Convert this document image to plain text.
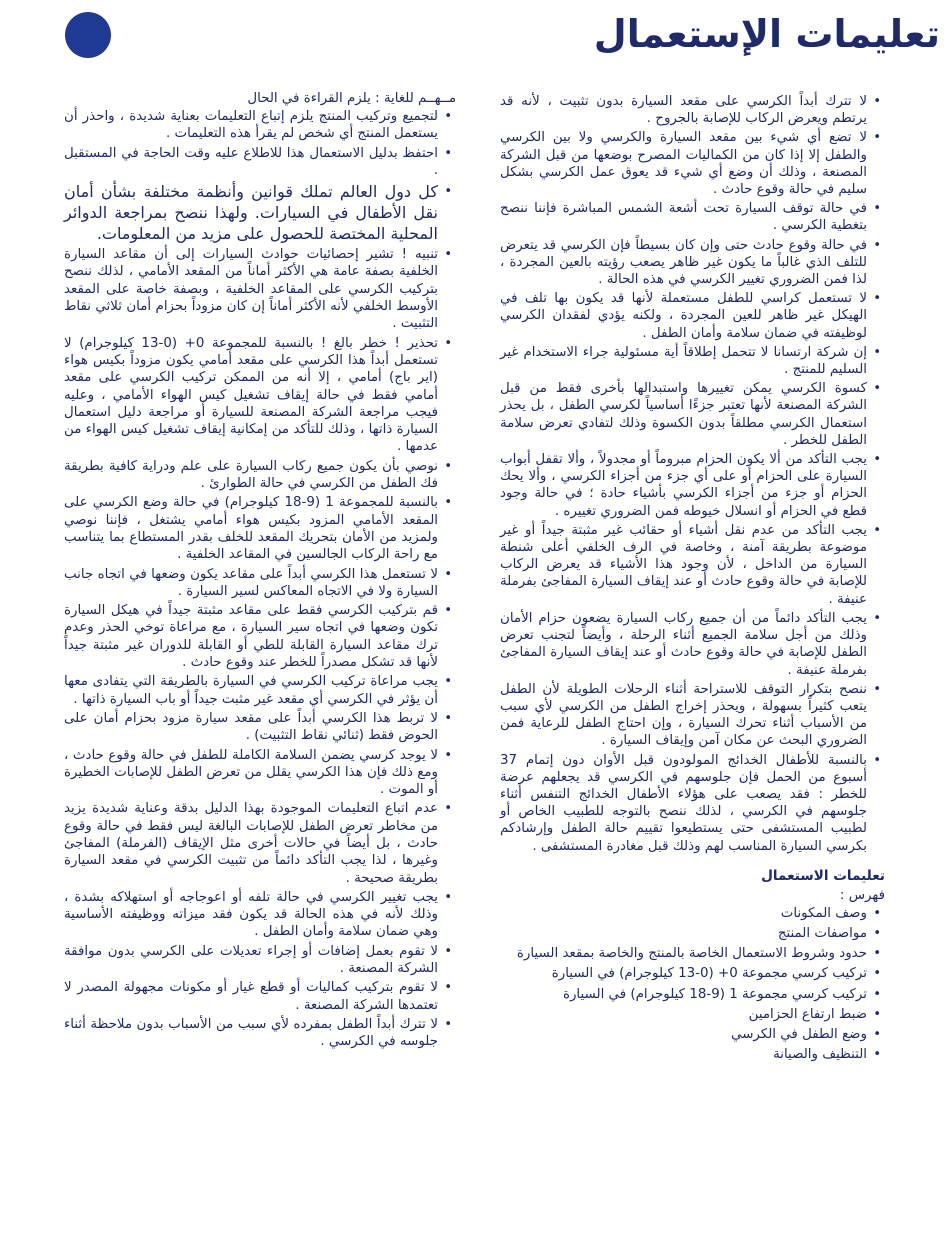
تعليمات الإستعمال

مــهــم للغاية : يلزم القراءة في الحال

• لتجميع وتركيب المنتج يلزم إتباع التعليمات بعناية شديدة ، واحذر أن يستعمل المنتج أي شخص لم يقرأ هذه التعليمات .
• احتفظ بدليل الاستعمال هذا للاطلاع عليه وقت الحاجة في المستقبل .
• كل دول العالم تملك قوانين وأنظمة مختلفة بشأن أمان نقل الأطفال في السيارات. ولهذا ننصح بمراجعة الدوائر المحلية المختصة للحصول على مزيد من المعلومات.
• تنبيه ! تشير إحصائيات حوادث السيارات إلى أن مقاعد السيارة الخلفية بصفة عامة هي الأكثر أماناً من المقعد الأمامي ، لذلك ننصح بتركيب الكرسي على المقاعد الخلفية ، وبصفة خاصة على المقعد الأوسط الخلفي لأنه الأكثر أماناً إن كان مزوداً بحزام أمان ثلاثي نقاط التثبيت .
• تحذير ! خطر بالغ ! بالنسبة للمجموعة 0+ (0-13 كيلوجرام) لا تستعمل أبداً هذا الكرسي على مقعد أمامي يكون مزوداً بكيس هواء (اير باج) أمامي ، إلا أنه من الممكن تركيب الكرسي على مقعد أمامي فقط في حالة إيقاف تشغيل كيس الهواء الأمامي ، وعليه فيجب مراجعة الشركة المصنعة للسيارة أو مراجعة دليل استعمال السيارة ذاتها ، وذلك للتأكد من إمكانية إيقاف تشغيل كيس الهواء من عدمها .
• نوصي بأن يكون جميع ركاب السيارة على علم ودراية كافية بطريقة فك الطفل من الكرسي في حالة الطوارئ .
• بالنسبة للمجموعة 1 (9-18 كيلوجرام) في حالة وضع الكرسي على المقعد الأمامي المزود بكيس هواء أمامي يشتغل ، فإننا نوصي ولمزيد من الأمان بتحريك المقعد للخلف بقدر المستطاع بما يتناسب مع راحة الركاب الجالسين في المقاعد الخلفية .
• لا تستعمل هذا الكرسي أبداً على مقاعد يكون وضعها في اتجاه جانب السيارة ولا في الاتجاه المعاكس لسير السيارة .
• قم بتركيب الكرسي فقط على مقاعد مثبتة جيداً في هيكل السيارة تكون وضعها في اتجاه سير السيارة ، مع مراعاة توخي الحذر وعدم ترك مقاعد السيارة القابلة للطي أو القابلة للدوران غير مثبتة جيداً لأنها قد تشكل مصدراً للخطر عند وقوع حادث .
• يجب مراعاة تركيب الكرسي في السيارة بالطريقة التي يتفادى معها أن يؤثر في الكرسي أي مقعد غير مثبت جيداً أو باب السيارة ذاتها .
• لا تربط هذا الكرسي أبداً على مقعد سيارة مزود بحزام أمان على الحوض فقط (ثنائي نقاط التثبيت) .
• لا يوجد كرسي يضمن السلامة الكاملة للطفل في حالة وقوع حادث ، ومع ذلك فإن هذا الكرسي يقلل من تعرض الطفل للإصابات الخطيرة أو الموت .
• عدم اتباع التعليمات الموجودة بهذا الدليل بدقة وعناية شديدة يزيد من مخاطر تعرض الطفل للإصابات البالغة ليس فقط في حالة وقوع حادث ، بل أيضاً في حالات أخرى مثل الإيقاف (الفرملة) المفاجئ وغيرها ، لذا يجب التأكد دائماً من تثبيت الكرسي في مقعد السيارة بطريقة صحيحة .
• يجب تغيير الكرسي في حالة تلفه أو اعوجاجه أو استهلاكه بشدة ، وذلك لأنه في هذه الحالة قد يكون فقد ميزاته ووظيفته الأساسية وهي ضمان سلامة وأمان الطفل .
• لا تقوم بعمل إضافات أو إجراء تعديلات على الكرسي بدون موافقة الشركة المصنعة .
• لا تقوم بتركيب كماليات أو قطع غيار أو مكونات مجهولة المصدر لا تعتمدها الشركة المصنعة .
• لا تترك أبداً الطفل بمفرده لأي سبب من الأسباب بدون ملاحظة أثناء جلوسه في الكرسي .
• لا تترك أبداً الكرسي على مقعد السيارة بدون تثبيت ، لأنه قد يرتطم ويعرض الركاب للإصابة بالجروح .
• لا تضع أي شيء بين مقعد السيارة والكرسي ولا بين الكرسي والطفل إلا إذا كان من الكماليات المصرح بوضعها من قبل الشركة المصنعة ، وذلك أن وضع أي شيء قد يعوق عمل الكرسي بشكل سليم في حالة وقوع حادث .
• في حالة توقف السيارة تحت أشعة الشمس المباشرة فإننا ننصح بتغطية الكرسي .
• في حالة وقوع حادث حتى وإن كان بسيطاً فإن الكرسي قد يتعرض للتلف الذي غالباً ما يكون غير ظاهر يصعب رؤيته بالعين المجردة ، لذا فمن الضروري تغيير الكرسي في هذه الحالة .
• لا تستعمل كراسي للطفل مستعملة لأنها قد يكون بها تلف في الهيكل غير ظاهر للعين المجردة ، ولكنه يؤدي لفقدان الكرسي لوظيفته في ضمان سلامة وأمان الطفل .
• إن شركة ارتسانا لا تتحمل إطلاقاً أية مسئولية جراء الاستخدام غير السليم للمنتج .
• كسوة الكرسي يمكن تغييرها واستبدالها بأخرى فقط من قبل الشركة المصنعة لأنها تعتبر جزءًا أساسياً لكرسي الطفل ، بل يحذر استعمال الكرسي مطلقاً بدون الكسوة وذلك لتفادي تعرض سلامة الطفل للخطر .
• يجب التأكد من ألا يكون الحزام مبروماً أو مجدولاً ، وألا تقفل أبواب السيارة على الحزام أو على أي جزء من أجزاء الكرسي ، وألا يحك الحزام أو جزء من أجزاء الكرسي بأشياء حادة ؛ في حالة وجود قطع في الحزام أو انسلال خيوطه فمن الضروري تغييره .
• يجب التأكد من عدم نقل أشياء أو حقائب غير مثبتة جيداً أو غير موضوعة بطريقة آمنة ، وخاصة في الرف الخلفي أعلى شنطة السيارة من الداخل ، لأن وجود هذا الأشياء قد يعرض الركاب للإصابة في حالة وقوع حادث أو عند إيقاف السيارة المفاجئ بفرملة عنيفة .
• يجب التأكد دائماً من أن جميع ركاب السيارة يضعون حزام الأمان وذلك من أجل سلامة الجميع أثناء الرحلة ، وأيضاً لتجنب تعرض الطفل للإصابة في حالة وقوع حادث أو عند إيقاف السيارة المفاجئ بفرملة عنيفة .
• ننصح بتكرار التوقف للاستراحة أثناء الرحلات الطويلة لأن الطفل يتعب كثيراً بسهولة ، ويحذر إخراج الطفل من الكرسي لأي سبب من الأسباب أثناء تحرك السيارة ، وإن احتاج الطفل للرعاية فمن الضروري البحث عن مكان آمن وإيقاف السيارة .
• بالنسبة للأطفال الخدائج المولودون قبل الأوان دون إتمام 37 أسبوع من الحمل فإن جلوسهم في الكرسي قد يجعلهم عرضة للخطر : فقد يصعب على هؤلاء الأطفال الخدائج التنفس أثناء جلوسهم في الكرسي ، لذلك ننصح بالتوجه للطبيب الخاص أو لطبيب المستشفى حتى يستطيعوا تقييم حالة الطفل وإرشادكم بكرسي السيارة المناسب لهم وذلك قبل مغادرة المستشفى .
تعليمات الاستعمال

فهرس :

• وصف المكونات
• مواصفات المنتج
• حدود وشروط الاستعمال الخاصة بالمنتج والخاصة بمقعد السيارة
• تركيب كرسي مجموعة 0+ (0-13 كيلوجرام) في السيارة
• تركيب كرسي مجموعة 1 (9-18 كيلوجرام) في السيارة
• ضبط ارتفاع الحزامين
• وضع الطفل في الكرسي
• التنظيف والصيانة
